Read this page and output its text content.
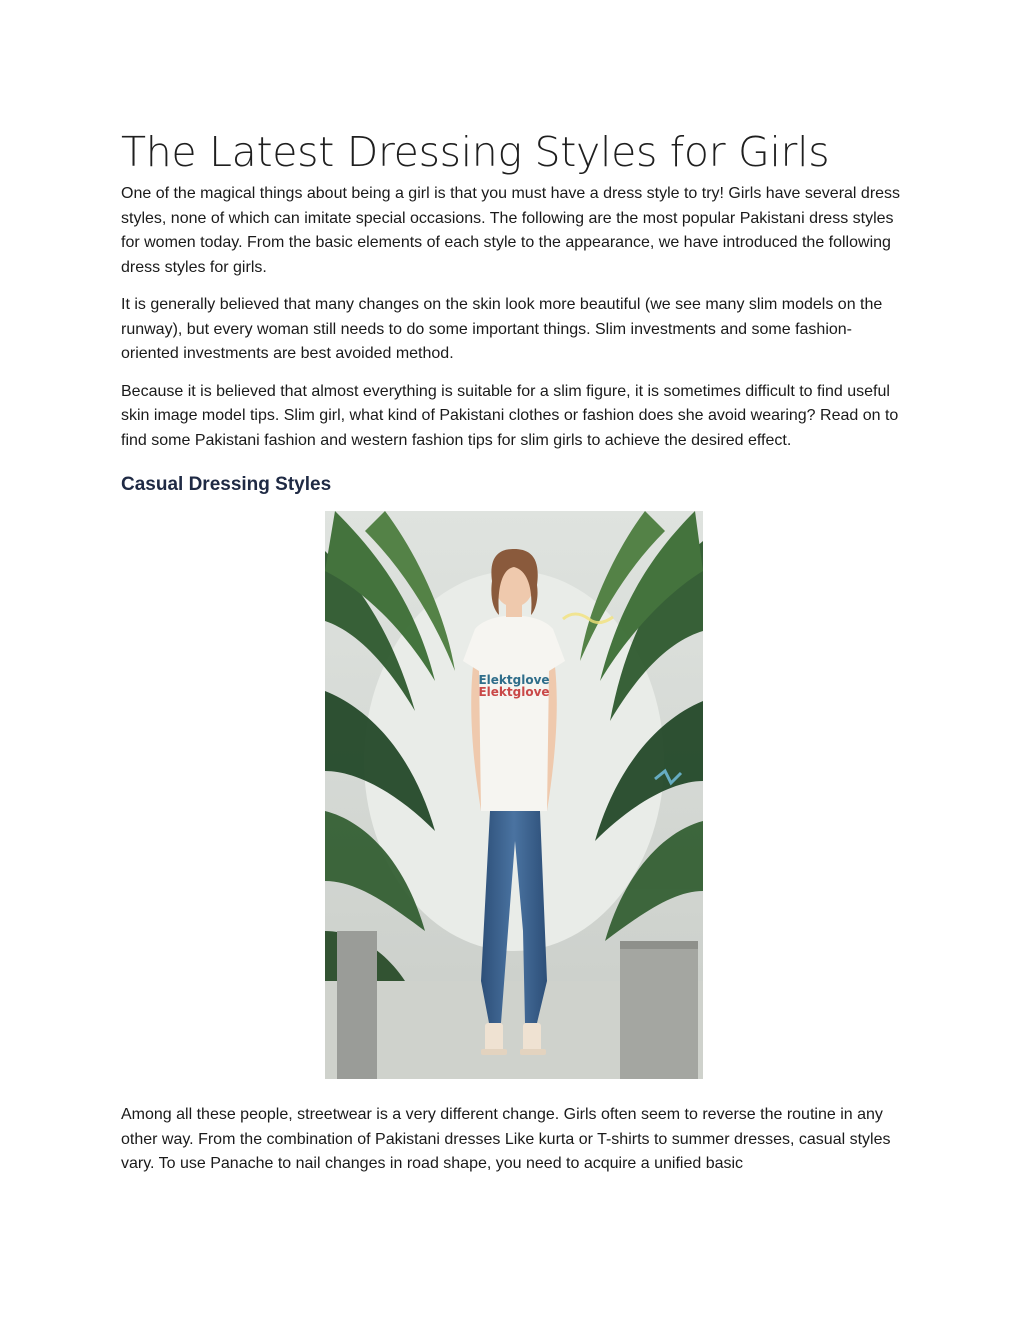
The Latest Dressing Styles for Girls

One of the magical things about being a girl is that you must have a dress style to try! Girls have several dress styles, none of which can imitate special occasions. The following are the most popular Pakistani dress styles for women today. From the basic elements of each style to the appearance, we have introduced the following dress styles for girls.

It is generally believed that many changes on the skin look more beautiful (we see many slim models on the runway), but every woman still needs to do some important things. Slim investments and some fashion-oriented investments are best avoided method.

Because it is believed that almost everything is suitable for a slim figure, it is sometimes difficult to find useful skin image model tips. Slim girl, what kind of Pakistani clothes or fashion does she avoid wearing? Read on to find some Pakistani fashion and western fashion tips for slim girls to achieve the desired effect.

Casual Dressing Styles
Elektglove
Elektglove

Among all these people, streetwear is a very different change. Girls often seem to reverse the routine in any other way. From the combination of Pakistani dresses Like kurta or T-shirts to summer dresses, casual styles vary. To use Panache to nail changes in road shape, you need to acquire a unified basic
